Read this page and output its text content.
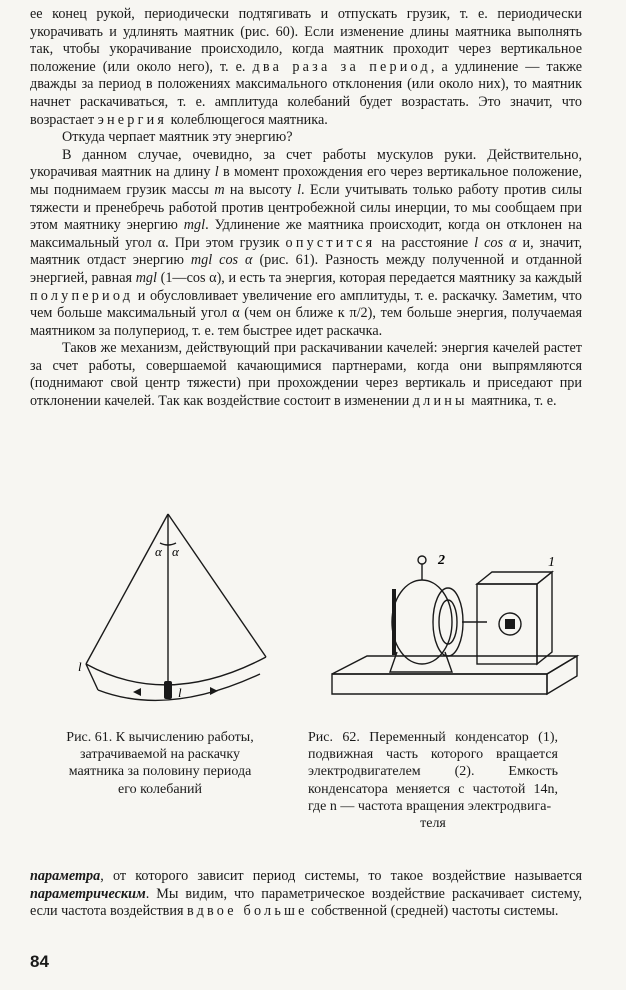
ее конец рукой, периодически подтягивать и отпускать грузик, т. е. периодически укорачивать и удлинять маятник (рис. 60). Если изменение длины маятника выполнять так, чтобы укорачивание происходило, когда маятник проходит через вертикальное положение (или около него), т. е. два раза за период, а удлинение — также дважды за период в положениях максимального отклонения (или около них), то маятник начнет раскачиваться, т. е. амплитуда колебаний будет возрастать. Это значит, что возрастает энергия колеблющегося маятника.

Откуда черпает маятник эту энергию?

В данном случае, очевидно, за счет работы мускулов руки. Действительно, укорачивая маятник на длину l в момент прохождения его через вертикальное положение, мы поднимаем грузик массы m на высоту l. Если учитывать только работу против силы тяжести и пренебречь работой против центробежной силы инерции, то мы сообщаем при этом маятнику энергию mgl. Удлинение же маятника происходит, когда он отклонен на максимальный угол α. При этом грузик опустится на расстояние l cos α и, значит, маятник отдаст энергию mgl cos α (рис. 61). Разность между полученной и отданной энергией, равная mgl (1—cos α), и есть та энергия, которая передается маятнику за каждый полупериод и обусловливает увеличение его амплитуды, т. е. раскачку. Заметим, что чем больше максимальный угол α (чем он ближе к π/2), тем больше энергия, получаемая маятником за полупериод, т. е. тем быстрее идет раскачка.

Таков же механизм, действующий при раскачивании качелей: энергия качелей растет за счет работы, совершаемой качающимися партнерами, когда они выпрямляются (поднимают свой центр тяжести) при прохождении через вертикаль и приседают при отклонении качелей. Так как воздействие состоит в изменении длины маятника, т. е.

α α
l
l
2	1
Рис. 61. К вычислению работы, затрачиваемой на раскачку маятника за половину периода его колебаний
Рис. 62. Переменный конденсатор (1), подвижная часть которого вращается электродвигателем (2). Емкость конденсатора меняется с частотой 14n, где n — частота вращения электродвига-
теля

параметра, от которого зависит период системы, то такое воздействие называется параметрическим. Мы видим, что параметрическое воздействие раскачивает систему, если частота воздействия вдвое больше собственной (средней) частоты системы.

84
